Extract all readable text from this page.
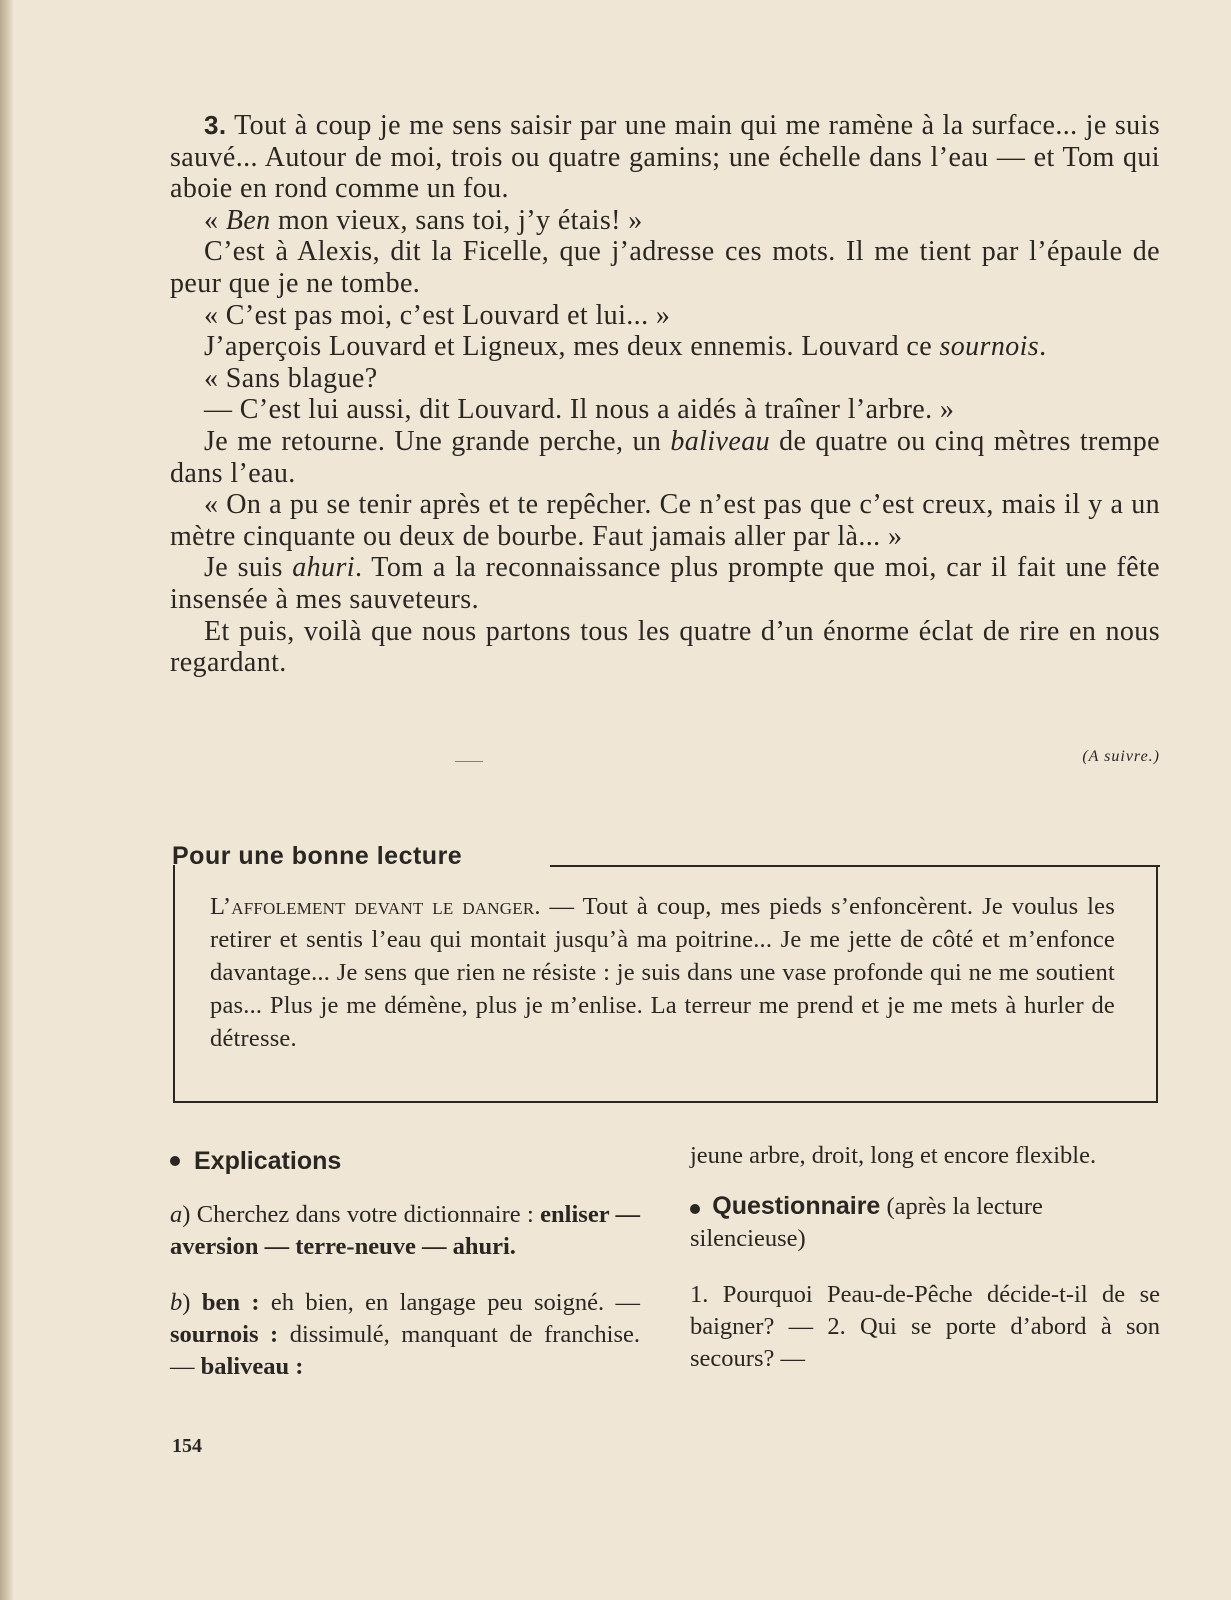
3. Tout à coup je me sens saisir par une main qui me ramène à la surface... je suis sauvé... Autour de moi, trois ou quatre gamins; une échelle dans l’eau — et Tom qui aboie en rond comme un fou.

« Ben mon vieux, sans toi, j’y étais! »

C’est à Alexis, dit la Ficelle, que j’adresse ces mots. Il me tient par l’épaule de peur que je ne tombe.

« C’est pas moi, c’est Louvard et lui... »

J’aperçois Louvard et Ligneux, mes deux ennemis. Louvard ce sournois.

« Sans blague?

— C’est lui aussi, dit Louvard. Il nous a aidés à traîner l’arbre. »

Je me retourne. Une grande perche, un baliveau de quatre ou cinq mètres trempe dans l’eau.

« On a pu se tenir après et te repêcher. Ce n’est pas que c’est creux, mais il y a un mètre cinquante ou deux de bourbe. Faut jamais aller par là... »

Je suis ahuri. Tom a la reconnaissance plus prompte que moi, car il fait une fête insensée à mes sauveteurs.

Et puis, voilà que nous partons tous les quatre d’un énorme éclat de rire en nous regardant.

(A suivre.)
Pour une bonne lecture
L’affolement devant le danger. — Tout à coup, mes pieds s’enfoncèrent. Je voulus les retirer et sentis l’eau qui montait jusqu’à ma poitrine... Je me jette de côté et m’enfonce davantage... Je sens que rien ne résiste : je suis dans une vase profonde qui ne me soutient pas... Plus je me démène, plus je m’enlise. La terreur me prend et je me mets à hurler de détresse.
Explications

a) Cherchez dans votre dictionnaire : enliser — aversion — terre-neuve — ahuri.

b) ben : eh bien, en langage peu soigné. — sournois : dissimulé, manquant de franchise. — baliveau :

jeune arbre, droit, long et encore flexible.

Questionnaire (après la lecture silencieuse)

1. Pourquoi Peau-de-Pêche décide-t-il de se baigner? — 2. Qui se porte d’abord à son secours? —

154
